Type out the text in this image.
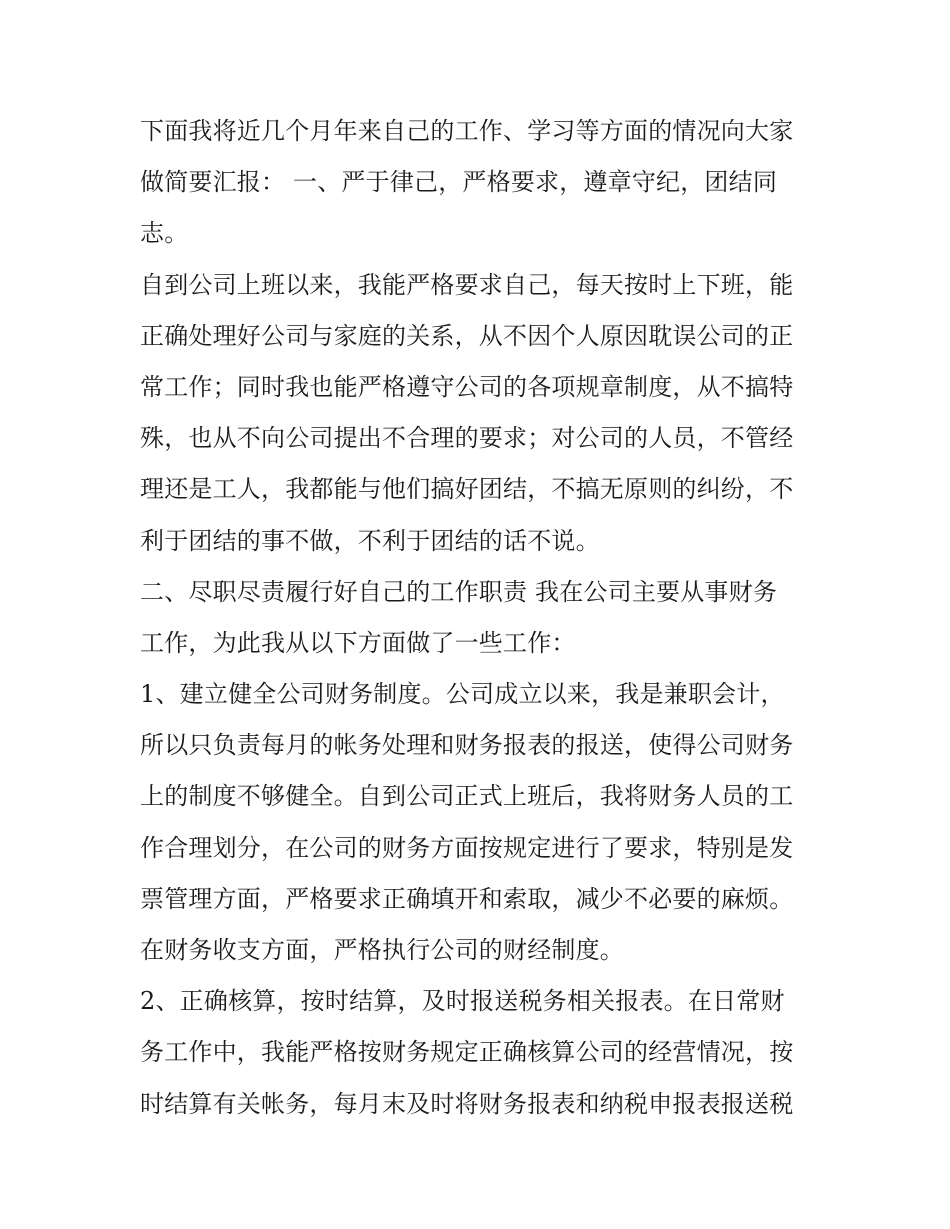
下面我将近几个月年来自己的工作、学习等方面的情况向大家
做简要汇报： 一、严于律己，严格要求，遵章守纪，团结同
志。
自到公司上班以来，我能严格要求自己，每天按时上下班，能
正确处理好公司与家庭的关系，从不因个人原因耽误公司的正
常工作；同时我也能严格遵守公司的各项规章制度，从不搞特
殊，也从不向公司提出不合理的要求；对公司的人员，不管经
理还是工人，我都能与他们搞好团结，不搞无原则的纠纷，不
利于团结的事不做，不利于团结的话不说。
二、尽职尽责履行好自己的工作职责 我在公司主要从事财务
工作，为此我从以下方面做了一些工作：
1、建立健全公司财务制度。公司成立以来，我是兼职会计，
所以只负责每月的帐务处理和财务报表的报送，使得公司财务
上的制度不够健全。自到公司正式上班后，我将财务人员的工
作合理划分，在公司的财务方面按规定进行了要求，特别是发
票管理方面，严格要求正确填开和索取，减少不必要的麻烦。
在财务收支方面，严格执行公司的财经制度。
2、正确核算，按时结算，及时报送税务相关报表。在日常财
务工作中，我能严格按财务规定正确核算公司的经营情况，按
时结算有关帐务，每月末及时将财务报表和纳税申报表报送税
